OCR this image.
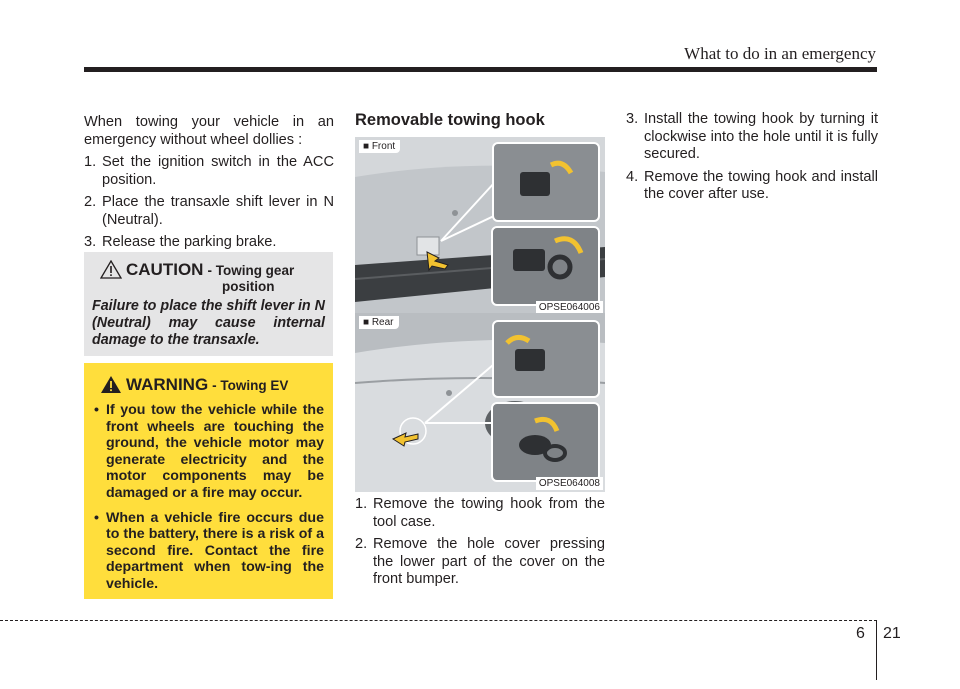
What to do in an emergency

When towing your vehicle in an emergency without wheel dollies :

1. Set the ignition switch in the ACC position.
2. Place the transaxle shift lever in N (Neutral).
3. Release the parking brake.
CAUTION - Towing gear
position

Failure to place the shift lever in N (Neutral) may cause internal damage to the transaxle.

WARNING - Towing EV
• If you tow the vehicle while the front wheels are touching the ground, the vehicle motor may generate electricity and the motor components may be damaged or a fire may occur.
• When a vehicle fire occurs due to the battery, there is a risk of a second fire. Contact the fire department when tow-ing the vehicle.
Removable towing hook
■ Front
OPSE064006
■ Rear
OPSE064008
1. Remove the towing hook from the tool case.
2. Remove the hole cover pressing the lower part of the cover on the front bumper.
3. Install the towing hook by turning it clockwise into the hole until it is fully secured.
4. Remove the towing hook and install the cover after use.
6 21
